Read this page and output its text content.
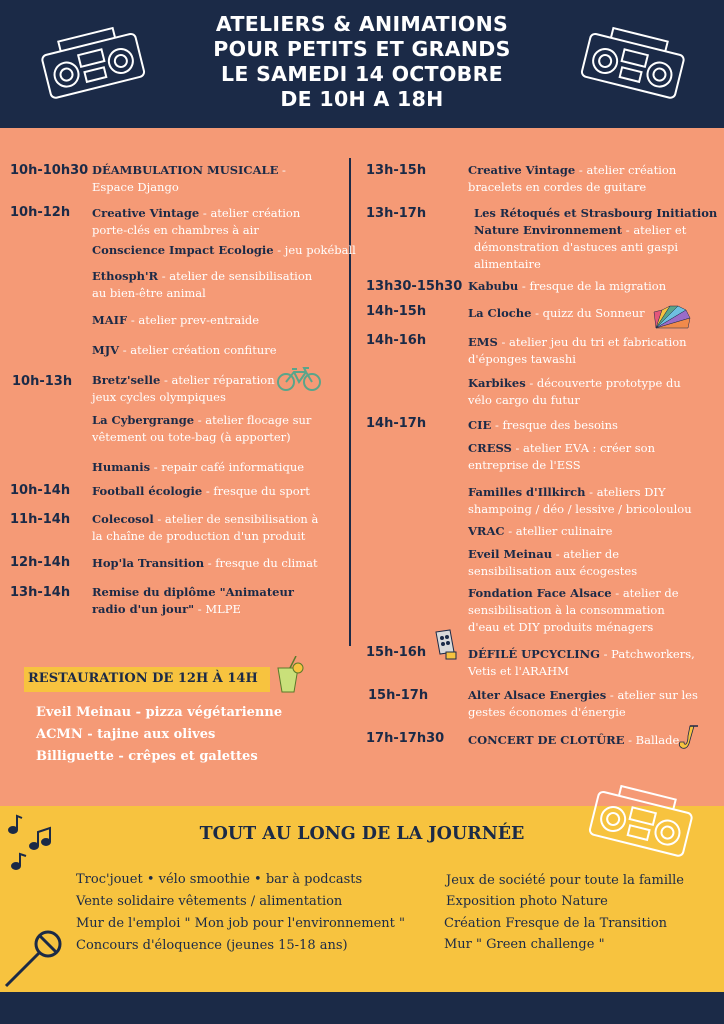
ATELIERS & ANIMATIONS
POUR PETITS ET GRANDS
LE SAMEDI 14 OCTOBRE
DE 10H A 18H
10h-10h30 DÉAMBULATION MUSICALE -
Espace Django
10h-12h Creative Vintage - atelier création
porte-clés en chambres à air
Conscience Impact Ecologie - jeu pokéball
Ethosph'R - atelier de sensibilisation
au bien-être animal
MAIF - atelier prev-entraide
MJV - atelier création confiture
10h-13h Bretz'selle - atelier réparation
jeux cycles olympiques
La Cybergrange - atelier flocage sur
vêtement ou tote-bag (à apporter)
Humanis - repair café informatique
10h-14h Football écologie - fresque du sport
11h-14h Colecosol - atelier de sensibilisation à
la chaîne de production d'un produit
12h-14h Hop'la Transition - fresque du climat
13h-14h Remise du diplôme "Animateur
radio d'un jour" - MLPE
13h-15h	Creative Vintage - atelier création
bracelets en cordes de guitare
13h-17h	Les Rétoqués et Strasbourg Initiation
Nature Environnement - atelier et
démonstration d'astuces anti gaspi
alimentaire
13h30-15h30 Kabubu - fresque de la migration
14h-15h	La Cloche - quizz du Sonneur
14h-16h	EMS - atelier jeu du tri et fabrication
d'éponges tawashi
Karbikes - découverte prototype du
vélo cargo du futur
14h-17h	CIE - fresque des besoins
CRESS - atelier EVA : créer son
entreprise de l'ESS
Familles d'Illkirch - ateliers DIY
shampoing / déo / lessive / bricoloulou
VRAC - atellier culinaire
Eveil Meinau - atelier de
sensibilisation aux écogestes
Fondation Face Alsace - atelier de
sensibilisation à la consommation
d'eau et DIY produits ménagers
15h-16h	DÉFILÉ UPCYCLING - Patchworkers,
Vetis et l'ARAHM
15h-17h	Alter Alsace Energies - atelier sur les
gestes économes d'énergie
17h-17h30 CONCERT DE CLOTÛRE - Ballade
RESTAURATION DE 12H À 14H
Eveil Meinau - pizza végétarienne
ACMN - tajine aux olives
Billiguette - crêpes et galettes
TOUT AU LONG DE LA JOURNÉE
Troc'jouet • vélo smoothie • bar à podcasts
Vente solidaire vêtements / alimentation
Mur de l'emploi " Mon job pour l'environnement "
Concours d'éloquence (jeunes 15-18 ans)
Jeux de société pour toute la famille
Exposition photo Nature
Création Fresque de la Transition
Mur " Green challenge "
